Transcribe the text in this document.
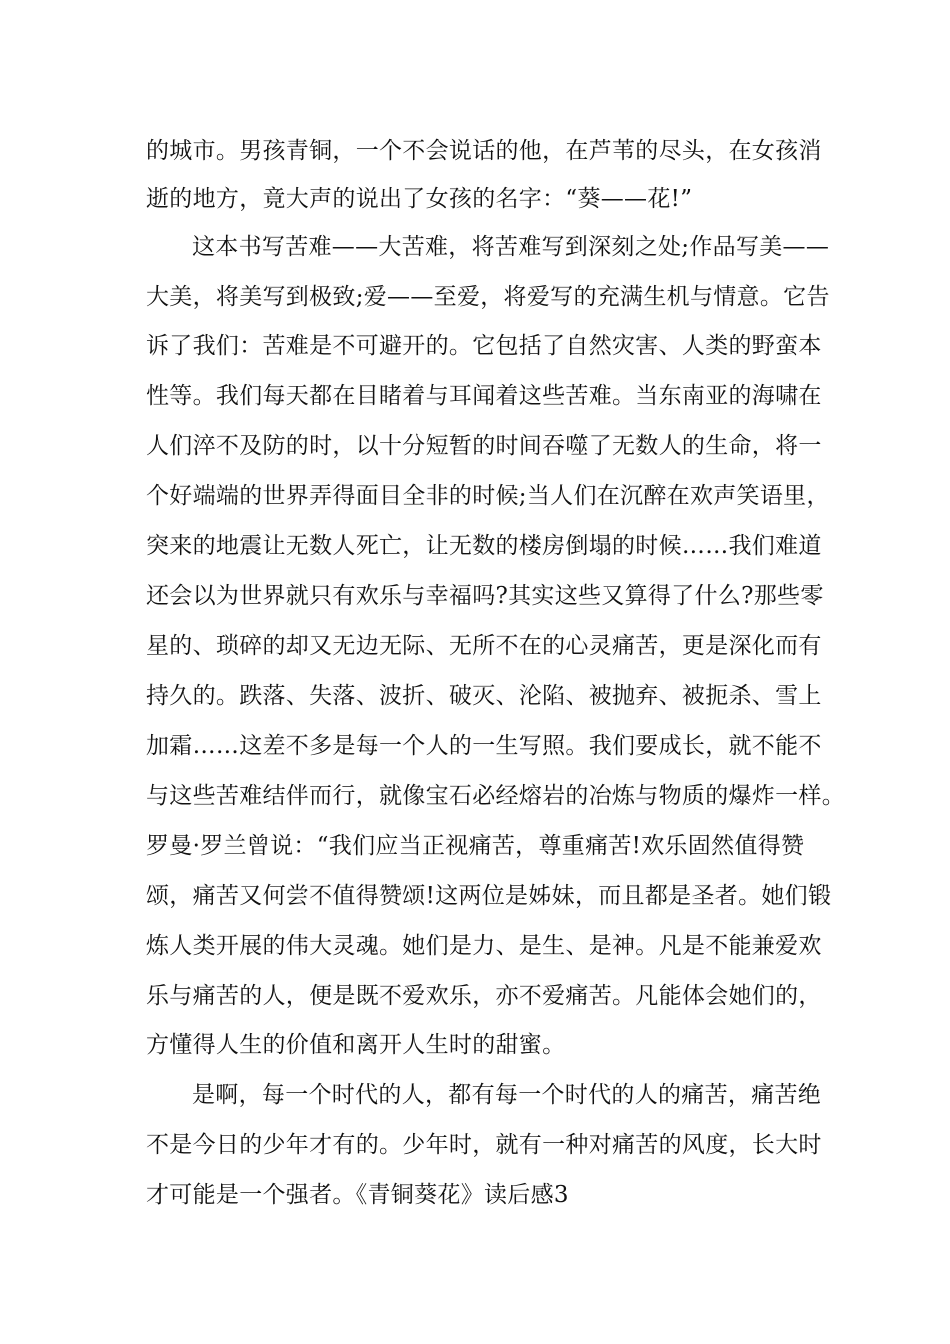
的城市。男孩青铜，一个不会说话的他，在芦苇的尽头，在女孩消
逝的地方，竟大声的说出了女孩的名字：“葵——花!”
这本书写苦难——大苦难，将苦难写到深刻之处;作品写美——
大美，将美写到极致;爱——至爱，将爱写的充满生机与情意。它告
诉了我们：苦难是不可避开的。它包括了自然灾害、人类的野蛮本
性等。我们每天都在目睹着与耳闻着这些苦难。当东南亚的海啸在
人们淬不及防的时，以十分短暂的时间吞噬了无数人的生命，将一
个好端端的世界弄得面目全非的时候;当人们在沉醉在欢声笑语里，
突来的地震让无数人死亡，让无数的楼房倒塌的时候……我们难道
还会以为世界就只有欢乐与幸福吗?其实这些又算得了什么?那些零
星的、琐碎的却又无边无际、无所不在的心灵痛苦，更是深化而有
持久的。跌落、失落、波折、破灭、沦陷、被抛弃、被扼杀、雪上
加霜……这差不多是每一个人的一生写照。我们要成长，就不能不
与这些苦难结伴而行，就像宝石必经熔岩的冶炼与物质的爆炸一样。
罗曼·罗兰曾说：“我们应当正视痛苦，尊重痛苦!欢乐固然值得赞
颂，痛苦又何尝不值得赞颂!这两位是姊妹，而且都是圣者。她们锻
炼人类开展的伟大灵魂。她们是力、是生、是神。凡是不能兼爱欢
乐与痛苦的人，便是既不爱欢乐，亦不爱痛苦。凡能体会她们的，
方懂得人生的价值和离开人生时的甜蜜。
是啊，每一个时代的人，都有每一个时代的人的痛苦，痛苦绝
不是今日的少年才有的。少年时，就有一种对痛苦的风度，长大时
才可能是一个强者。《青铜葵花》读后感3
